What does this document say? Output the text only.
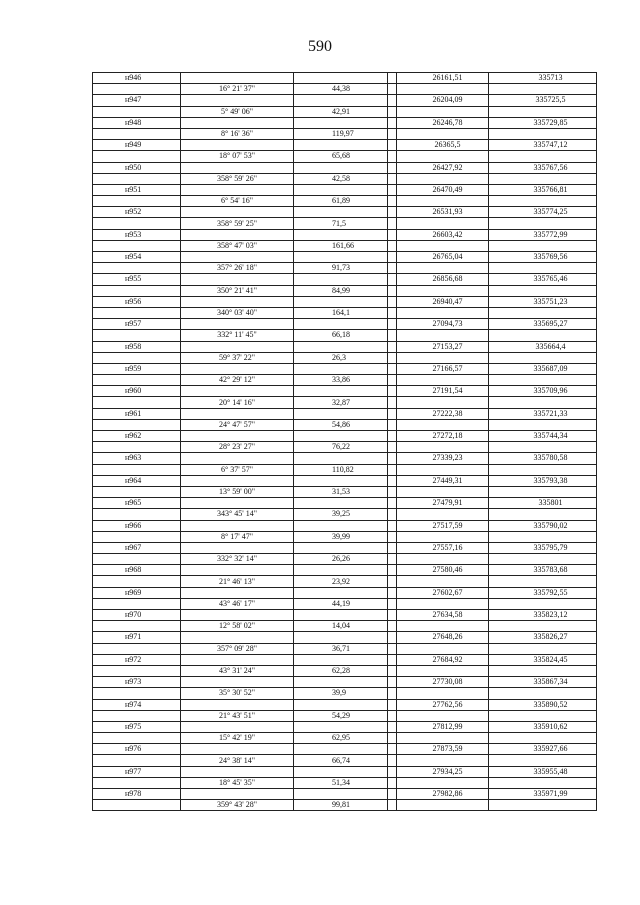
590
н946				26161,51	335713
	16° 21' 37"	44,38			
н947				26204,09	335725,5
	5° 49' 06"	42,91			
н948				26246,78	335729,85
	8° 16' 36"	119,97			
н949				26365,5	335747,12
	18° 07' 53"	65,68			
н950				26427,92	335767,56
	358° 59' 26"	42,58			
н951				26470,49	335766,81
	6° 54' 16"	61,89			
н952				26531,93	335774,25
	358° 59' 25"	71,5			
н953				26603,42	335772,99
	358° 47' 03"	161,66			
н954				26765,04	335769,56
	357° 26' 18"	91,73			
н955				26856,68	335765,46
	350° 21' 41"	84,99			
н956				26940,47	335751,23
	340° 03' 40"	164,1			
н957				27094,73	335695,27
	332° 11' 45"	66,18			
н958				27153,27	335664,4
	59° 37' 22"	26,3			
н959				27166,57	335687,09
	42° 29' 12"	33,86			
н960				27191,54	335709,96
	20° 14' 16"	32,87			
н961				27222,38	335721,33
	24° 47' 57"	54,86			
н962				27272,18	335744,34
	28° 23' 27"	76,22			
н963				27339,23	335780,58
	6° 37' 57"	110,82			
н964				27449,31	335793,38
	13° 59' 00"	31,53			
н965				27479,91	335801
	343° 45' 14"	39,25			
н966				27517,59	335790,02
	8° 17' 47"	39,99			
н967				27557,16	335795,79
	332° 32' 14"	26,26			
н968				27580,46	335783,68
	21° 46' 13"	23,92			
н969				27602,67	335792,55
	43° 46' 17"	44,19			
н970				27634,58	335823,12
	12° 58' 02"	14,04			
н971				27648,26	335826,27
	357° 09' 28"	36,71			
н972				27684,92	335824,45
	43° 31' 24"	62,28			
н973				27730,08	335867,34
	35° 30' 52"	39,9			
н974				27762,56	335890,52
	21° 43' 51"	54,29			
н975				27812,99	335910,62
	15° 42' 19"	62,95			
н976				27873,59	335927,66
	24° 38' 14"	66,74			
н977				27934,25	335955,48
	18° 45' 35"	51,34			
н978				27982,86	335971,99
	359° 43' 28"	99,81			
